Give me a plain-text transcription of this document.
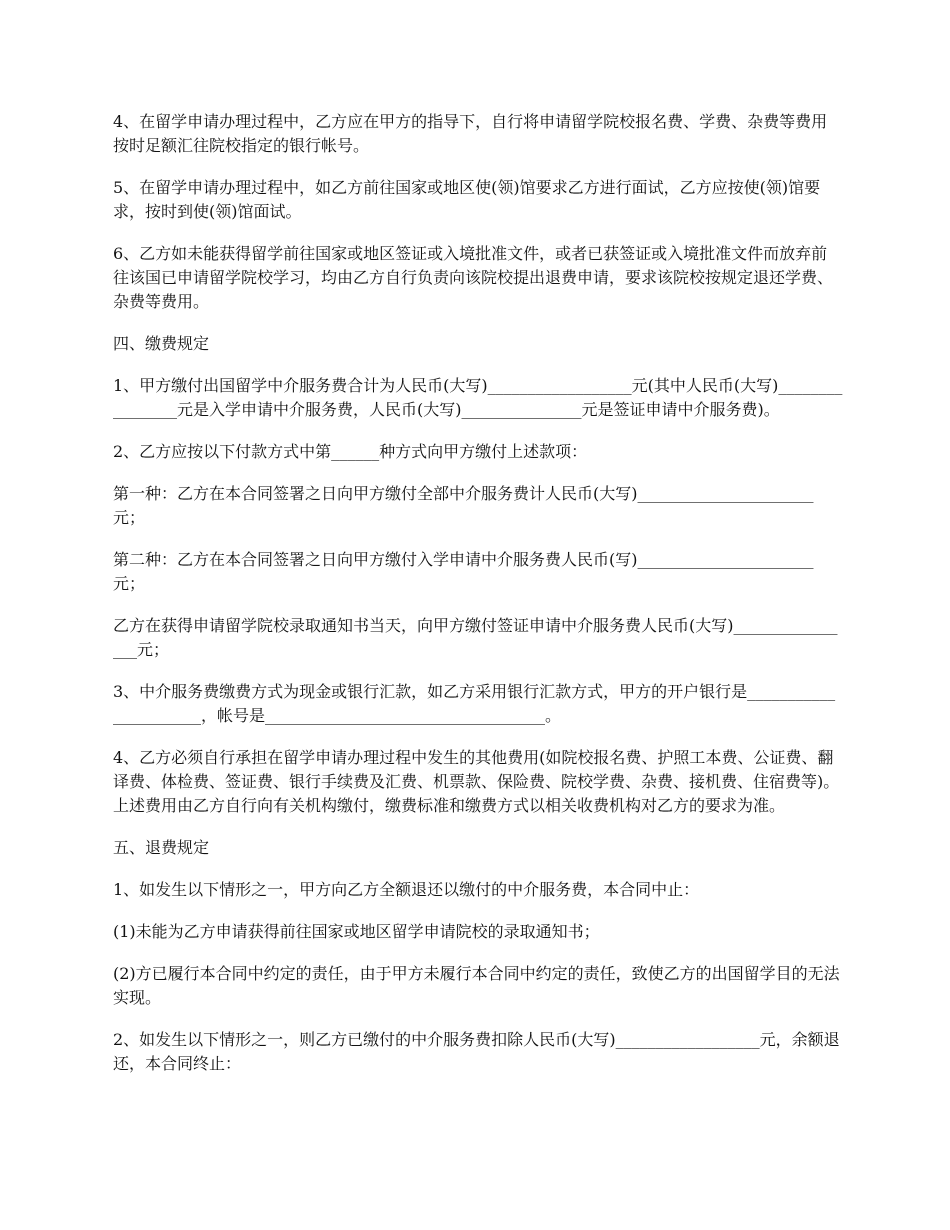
4、在留学申请办理过程中，乙方应在甲方的指导下，自行将申请留学院校报名费、学费、杂费等费用按时足额汇往院校指定的银行帐号。

5、在留学申请办理过程中，如乙方前往国家或地区使(领)馆要求乙方进行面试，乙方应按使(领)馆要求，按时到使(领)馆面试。

6、乙方如未能获得留学前往国家或地区签证或入境批准文件，或者已获签证或入境批准文件而放弃前往该国已申请留学院校学习，均由乙方自行负责向该院校提出退费申请，要求该院校按规定退还学费、杂费等费用。

四、缴费规定

1、甲方缴付出国留学中介服务费合计为人民币(大写)__________________元(其中人民币(大写)________________元是入学申请中介服务费，人民币(大写)_______________元是签证申请中介服务费)。

2、乙方应按以下付款方式中第______种方式向甲方缴付上述款项：

第一种：乙方在本合同签署之日向甲方缴付全部中介服务费计人民币(大写)______________________元；

第二种：乙方在本合同签署之日向甲方缴付入学申请中介服务费人民币(写)______________________元；

乙方在获得申请留学院校录取通知书当天，向甲方缴付签证申请中介服务费人民币(大写)________________元；

3、中介服务费缴费方式为现金或银行汇款，如乙方采用银行汇款方式，甲方的开户银行是______________________，帐号是___________________________________。

4、乙方必须自行承担在留学申请办理过程中发生的其他费用(如院校报名费、护照工本费、公证费、翻译费、体检费、签证费、银行手续费及汇费、机票款、保险费、院校学费、杂费、接机费、住宿费等)。上述费用由乙方自行向有关机构缴付，缴费标准和缴费方式以相关收费机构对乙方的要求为准。

五、退费规定

1、如发生以下情形之一，甲方向乙方全额退还以缴付的中介服务费，本合同中止：

(1)未能为乙方申请获得前往国家或地区留学申请院校的录取通知书；

(2)方已履行本合同中约定的责任，由于甲方未履行本合同中约定的责任，致使乙方的出国留学目的无法实现。

2、如发生以下情形之一，则乙方已缴付的中介服务费扣除人民币(大写)__________________元，余额退还，本合同终止：
